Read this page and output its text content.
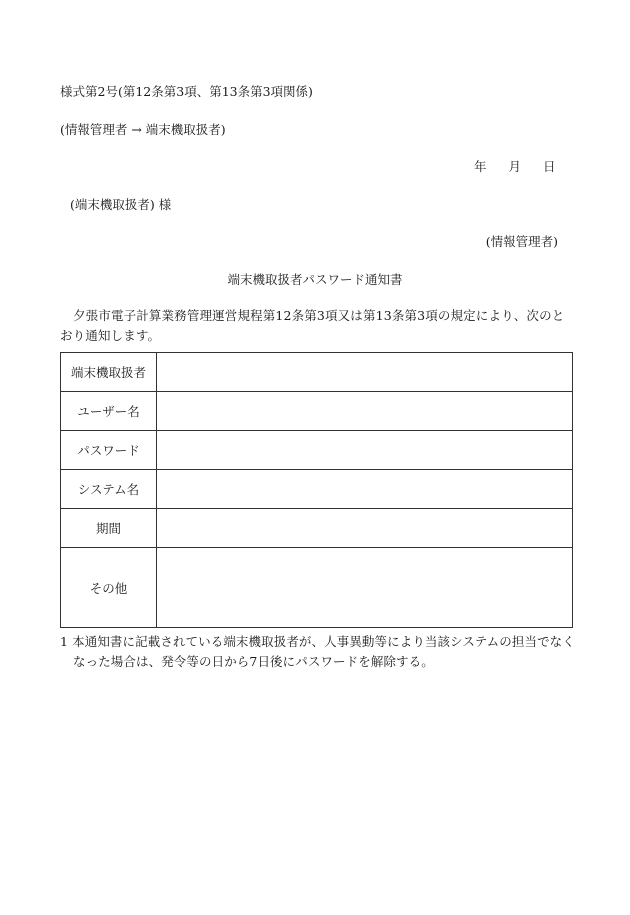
様式第2号(第12条第3項、第13条第3項関係)
(情報管理者 → 端末機取扱者)
年 月 日
(端末機取扱者) 様
(情報管理者)
端末機取扱者パスワード通知書
夕張市電子計算業務管理運営規程第12条第3項又は第13条第3項の規定により、次のとおり通知します。
端末機取扱者	
ユーザー名	
パスワード	
システム名	
期間	
その他	
1 本通知書に記載されている端末機取扱者が、人事異動等により当該システムの担当でなくなった場合は、発令等の日から7日後にパスワードを解除する。
